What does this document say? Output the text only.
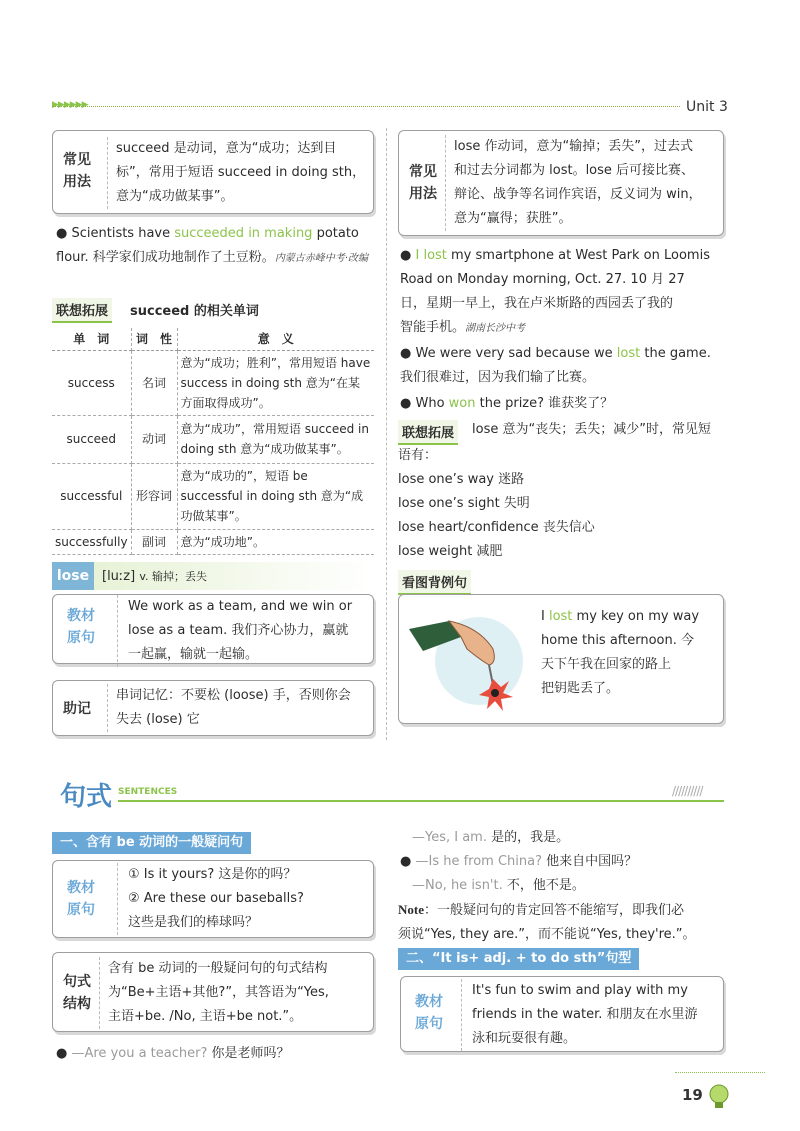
▶▶▶▶▶▶	Unit 3
常见
用法
succeed 是动词，意为“成功；达到目
标”，常用于短语 succeed in doing sth，
意为“成功做某事”。
● Scientists have succeeded in making potato
flour. 科学家们成功地制作了土豆粉。内蒙古赤峰中考·改编
联想拓展	succeed 的相关单词
单　词	词　性	意　义
success	名词	意为“成功；胜利”，常用短语 have success in doing sth 意为“在某方面取得成功”。
succeed	动词	意为“成功”，常用短语 succeed in doing sth 意为“成功做某事”。
successful	形容词	意为“成功的”，短语 be successful in doing sth 意为“成功做某事”。
successfully	副词	意为“成功地”。
lose [luːz] v. 输掉；丢失
教材
原句
We work as a team, and we win or
lose as a team. 我们齐心协力，赢就
一起赢，输就一起输。
助记
串词记忆：不要松 (loose) 手，否则你会
失去 (lose) 它
常见
用法
lose 作动词，意为“输掉；丢失”，过去式
和过去分词都为 lost。lose 后可接比赛、
辩论、战争等名词作宾语，反义词为 win，
意为“赢得；获胜”。
● I lost my smartphone at West Park on Loomis
Road on Monday morning, Oct. 27. 10 月 27
日，星期一早上，我在卢米斯路的西园丢了我的
智能手机。湖南长沙中考
● We were very sad because we lost the game.
我们很难过，因为我们输了比赛。
● Who won the prize? 谁获奖了？
联想拓展	lose 意为“丧失；丢失；减少”时，常见短
语有：
lose one’s way 迷路
lose one’s sight 失明
lose heart/confidence 丧失信心
lose weight 减肥
看图背例句
I lost my key on my way
home this afternoon. 今
天下午我在回家的路上
把钥匙丢了。
句式 SENTENCES	//////////
一、含有 be 动词的一般疑问句
教材
原句
① Is it yours? 这是你的吗？
② Are these our baseballs?
这些是我们的棒球吗？
句式
结构
含有 be 动词的一般疑问句的句式结构
为“Be+主语+其他?”，其答语为“Yes,
主语+be. /No, 主语+be not.”。
● —Are you a teacher? 你是老师吗？
—Yes, I am. 是的，我是。
● —Is he from China? 他来自中国吗？
—No, he isn't. 不，他不是。
Note：一般疑问句的肯定回答不能缩写，即我们必
须说“Yes, they are.”，而不能说“Yes, they're.”。
二、“It is+ adj. + to do sth”句型
教材
原句
It's fun to swim and play with my
friends in the water. 和朋友在水里游
泳和玩耍很有趣。
19
